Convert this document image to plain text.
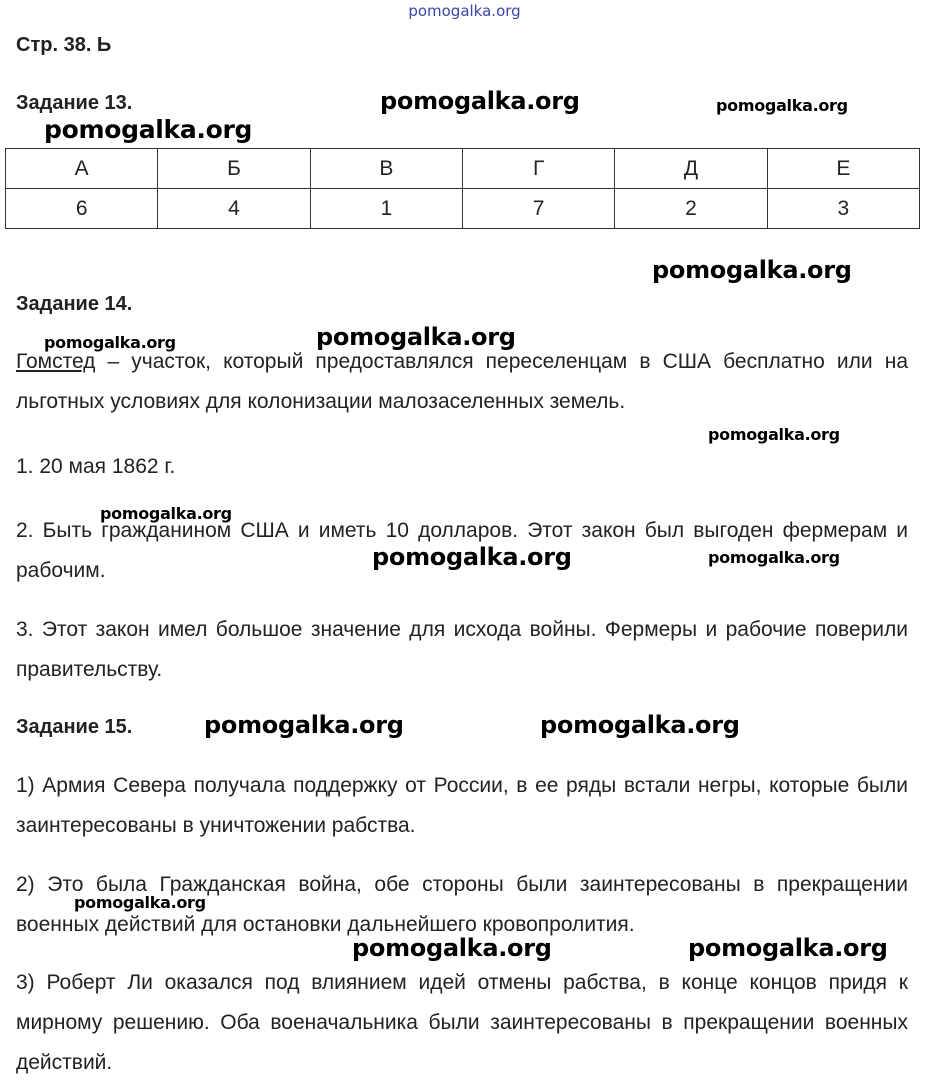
pomogalka.org
Стр. 38. Ь
Задание 13.
А	Б	В	Г	Д	Е
6	4	1	7	2	3
Задание 14.

Гомстед – участок, который предоставлялся переселенцам в США бесплатно или на льготных условиях для колонизации малозаселенных земель.

1. 20 мая 1862 г.

2. Быть гражданином США и иметь 10 долларов. Этот закон был выгоден фермерам и рабочим.

3. Этот закон имел большое значение для исхода войны. Фермеры и рабочие поверили правительству.

Задание 15.

1) Армия Севера получала поддержку от России, в ее ряды встали негры, которые были заинтересованы в уничтожении рабства.

2) Это была Гражданская война, обе стороны были заинтересованы в прекращении военных действий для остановки дальнейшего кровопролития.

3) Роберт Ли оказался под влиянием идей отмены рабства, в конце концов придя к мирному решению. Оба военачальника были заинтересованы в прекращении военных действий.

pomogalka.org	pomogalka.org
pomogalka.org
pomogalka.org
pomogalka.org
pomogalka.org
pomogalka.org
pomogalka.org
pomogalka.org	pomogalka.org
pomogalka.org	pomogalka.org
pomogalka.org
pomogalka.org	pomogalka.org
